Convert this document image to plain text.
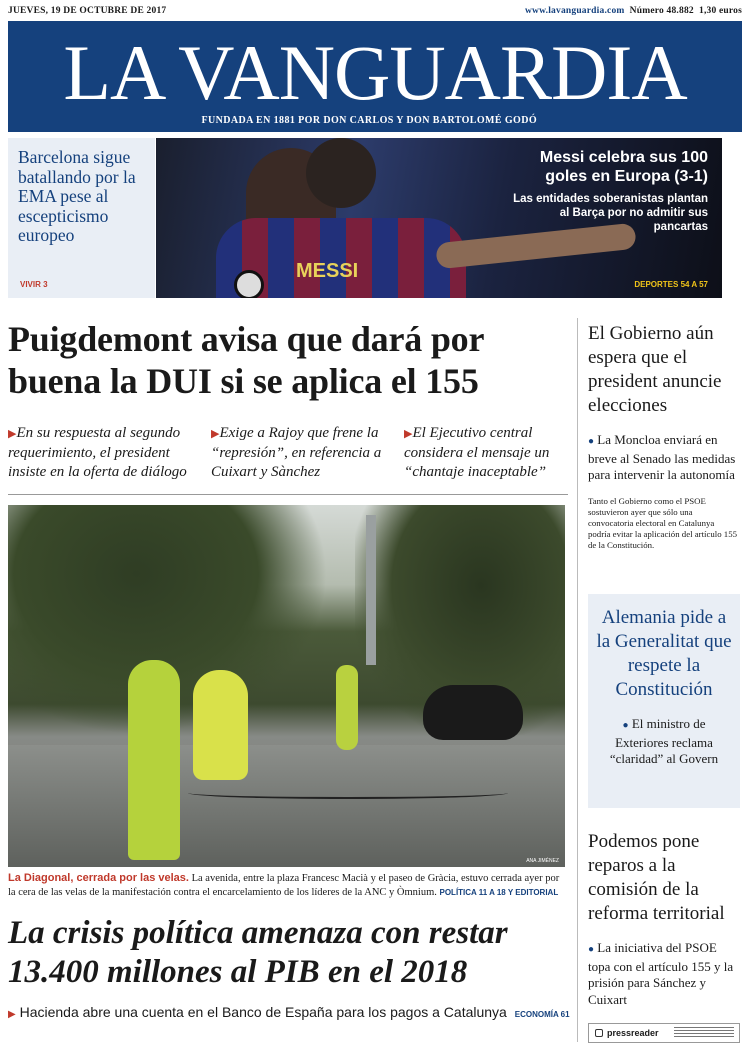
JUEVES, 19 DE OCTUBRE DE 2017	www.lavanguardia.com Número 48.882 1,30 euros
LA VANGUARDIA
FUNDADA EN 1881 POR DON CARLOS Y DON BARTOLOMÉ GODÓ
Barcelona sigue batallando por la EMA pese al escepticismo europeo
VIVIR 3
MESSI
Messi celebra sus 100 goles en Europa (3-1)
Las entidades soberanistas plantan al Barça por no admitir sus pancartas
DEPORTES 54 A 57
Puigdemont avisa que dará por buena la DUI si se aplica el 155
▶En su respuesta al segundo requerimiento, el president insiste en la oferta de diálogo
▶Exige a Rajoy que frene la “represión”, en referencia a Cuixart y Sànchez
▶El Ejecutivo central considera el mensaje un “chantaje inaceptable”
ANA JIMÉNEZ
La Diagonal, cerrada por las velas. La avenida, entre la plaza Francesc Macià y el paseo de Gràcia, estuvo cerrada ayer por la cera de las velas de la manifestación contra el encarcelamiento de los líderes de la ANC y Òmnium. POLÍTICA 11 A 18 Y EDITORIAL
La crisis política amenaza con restar 13.400 millones al PIB en el 2018
▶ Hacienda abre una cuenta en el Banco de España para los pagos a Catalunya ECONOMÍA 61
El Gobierno aún espera que el president anuncie elecciones
● La Moncloa enviará en breve al Senado las medidas para intervenir la autonomía
Tanto el Gobierno como el PSOE sostuvieron ayer que sólo una convocatoria electoral en Catalunya podría evitar la aplicación del artículo 155 de la Constitución.
Alemania pide a la Generalitat que respete la Constitución
● El ministro de Exteriores reclama “claridad” al Govern
Podemos pone reparos a la comisión de la reforma territorial
● La iniciativa del PSOE topa con el artículo 155 y la prisión para Sánchez y Cuixart
pressreader
